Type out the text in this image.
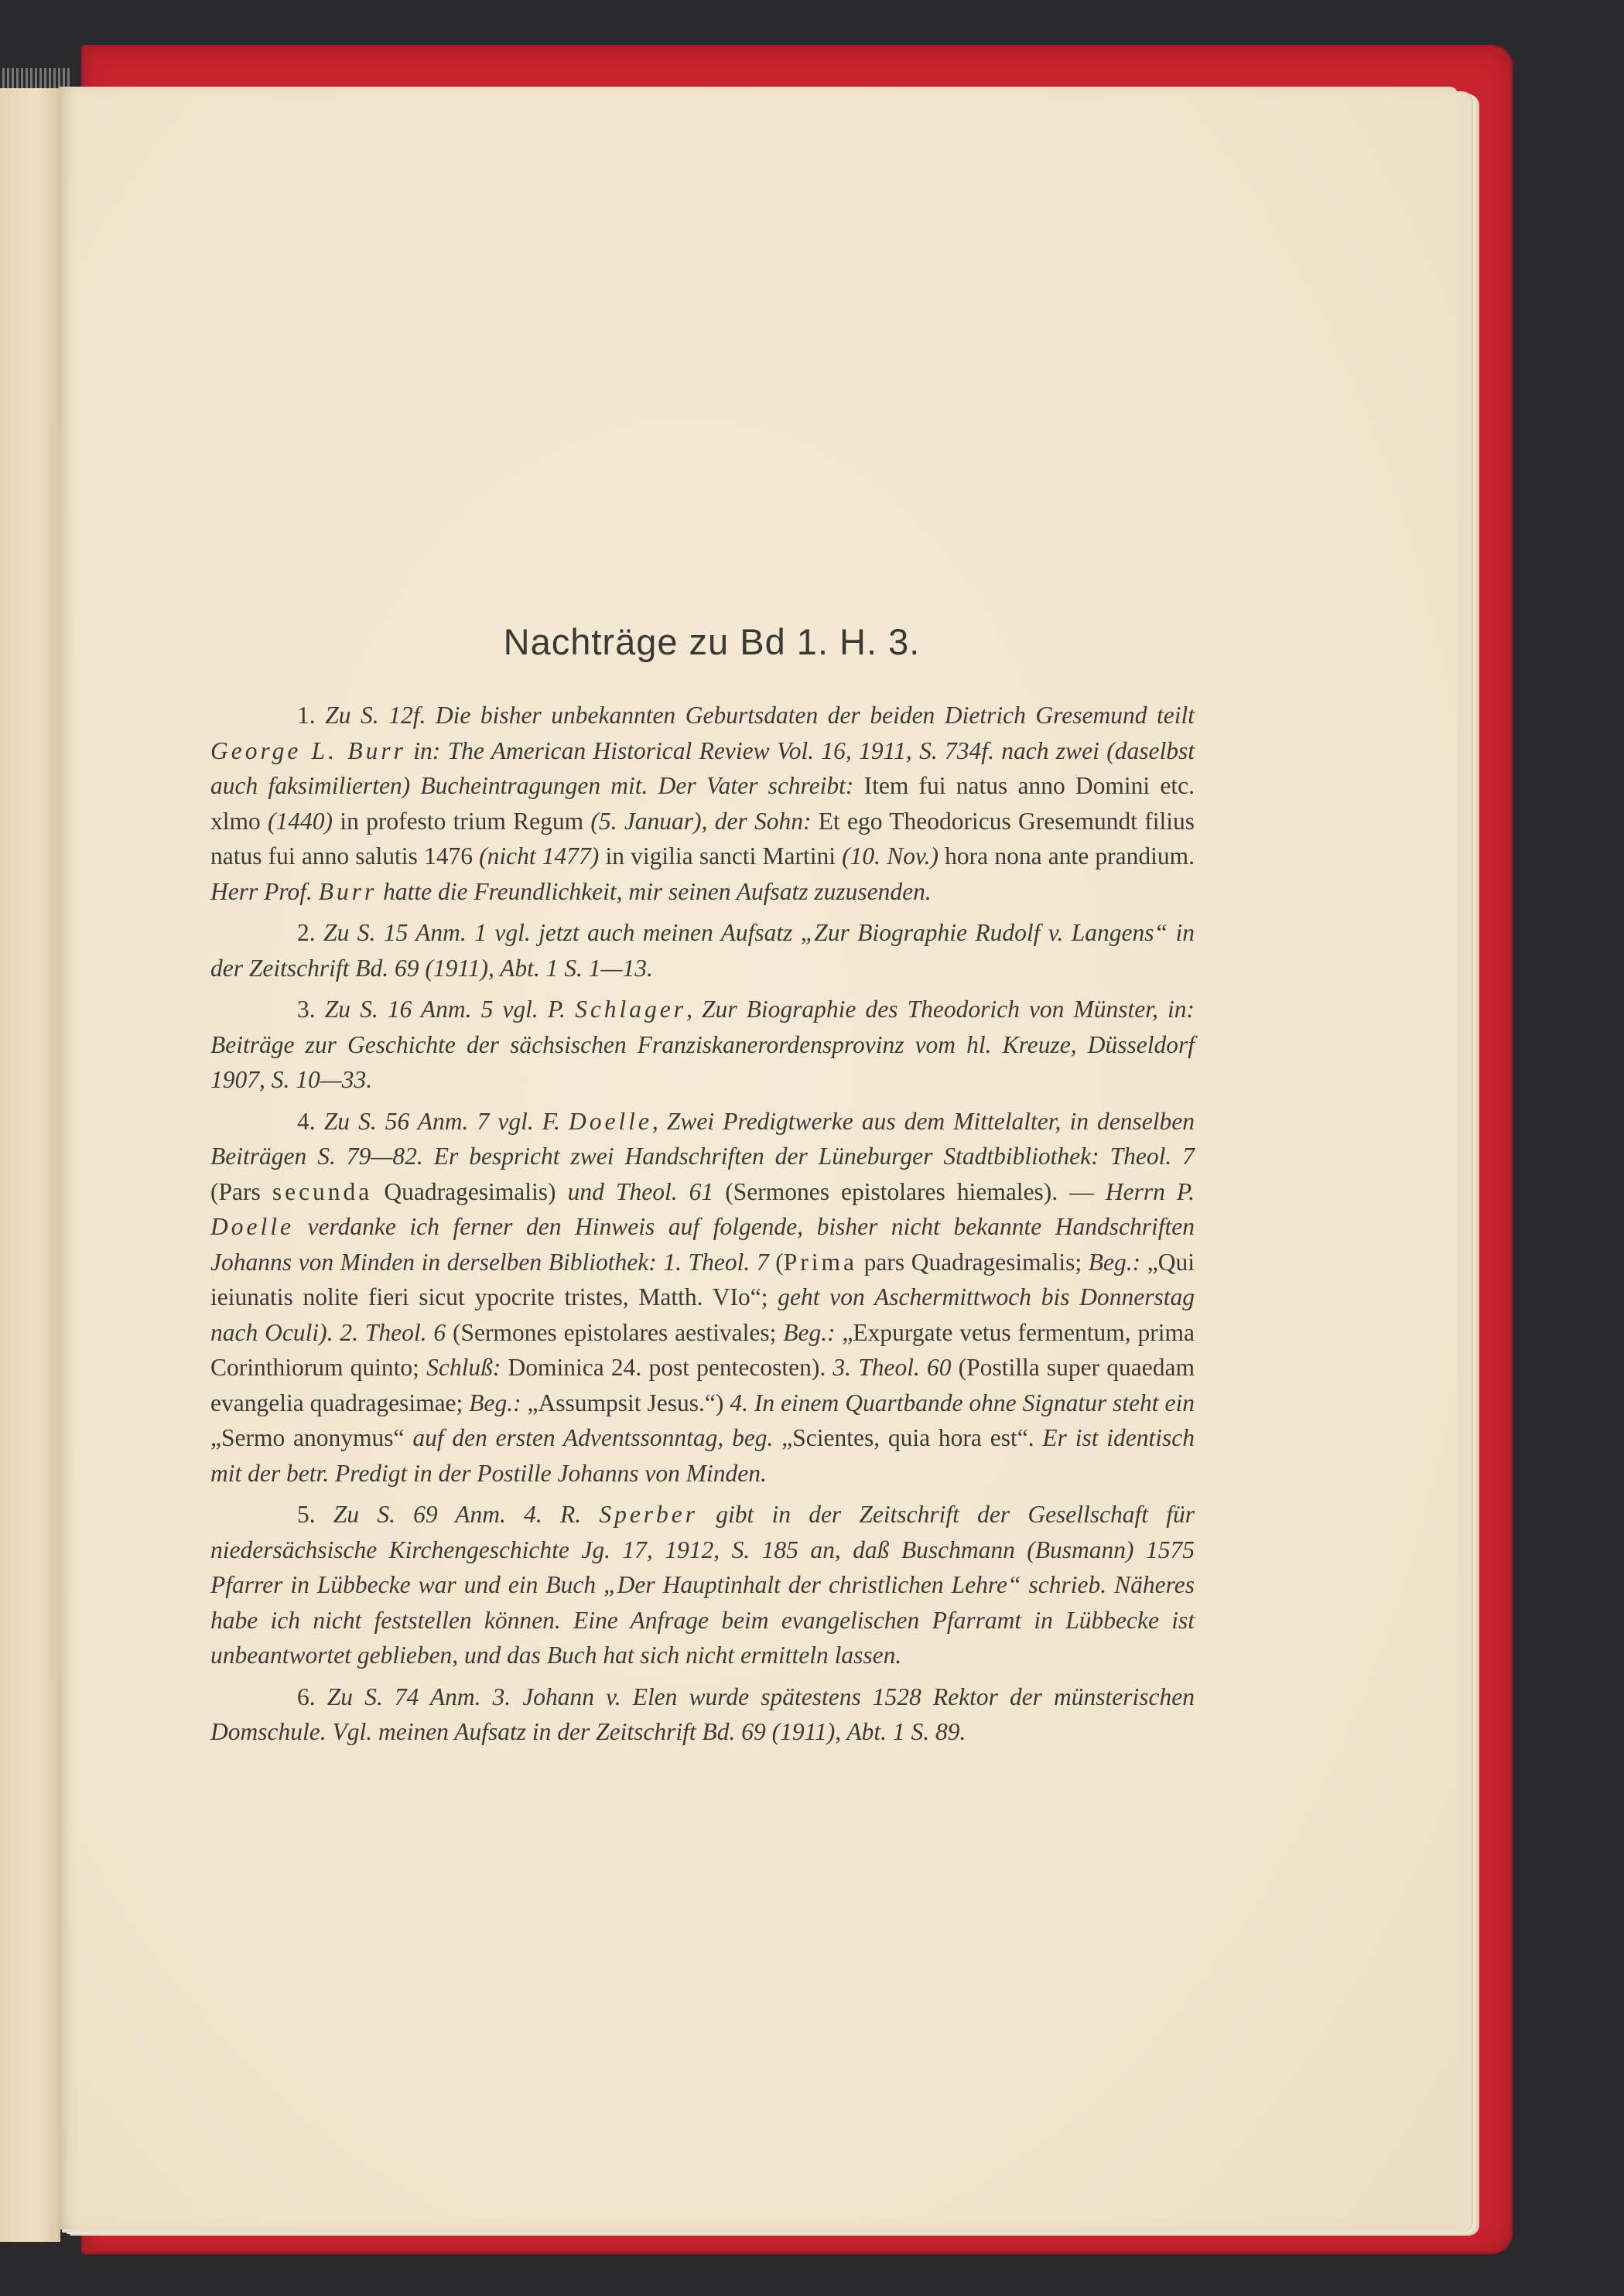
Nachträge zu Bd 1. H. 3.

1. Zu S. 12f. Die bisher unbekannten Geburtsdaten der beiden Dietrich Gresemund teilt George L. Burr in: The American Historical Review Vol. 16, 1911, S. 734f. nach zwei (daselbst auch faksimilierten) Bucheintragungen mit. Der Vater schreibt: Item fui natus anno Domini etc. xlmo (1440) in profesto trium Regum (5. Januar), der Sohn: Et ego Theodoricus Gresemundt filius natus fui anno salutis 1476 (nicht 1477) in vigilia sancti Martini (10. Nov.) hora nona ante prandium. Herr Prof. Burr hatte die Freundlichkeit, mir seinen Aufsatz zuzusenden.

2. Zu S. 15 Anm. 1 vgl. jetzt auch meinen Aufsatz „Zur Biographie Rudolf v. Langens“ in der Zeitschrift Bd. 69 (1911), Abt. 1 S. 1—13.

3. Zu S. 16 Anm. 5 vgl. P. Schlager, Zur Biographie des Theodorich von Münster, in: Beiträge zur Geschichte der sächsischen Franziskanerordensprovinz vom hl. Kreuze, Düsseldorf 1907, S. 10—33.

4. Zu S. 56 Anm. 7 vgl. F. Doelle, Zwei Predigtwerke aus dem Mittelalter, in denselben Beiträgen S. 79—82. Er bespricht zwei Handschriften der Lüneburger Stadtbibliothek: Theol. 7 (Pars secunda Quadragesimalis) und Theol. 61 (Sermones epistolares hiemales). — Herrn P. Doelle verdanke ich ferner den Hinweis auf folgende, bisher nicht bekannte Handschriften Johanns von Minden in derselben Bibliothek: 1. Theol. 7 (Prima pars Quadragesimalis; Beg.: „Qui ieiunatis nolite fieri sicut ypocrite tristes, Matth. VIo“; geht von Aschermittwoch bis Donnerstag nach Oculi). 2. Theol. 6 (Sermones epistolares aestivales; Beg.: „Expurgate vetus fermentum, prima Corinthiorum quinto; Schluß: Dominica 24. post pentecosten). 3. Theol. 60 (Postilla super quaedam evangelia quadragesimae; Beg.: „Assumpsit Jesus.“) 4. In einem Quartbande ohne Signatur steht ein „Sermo anonymus“ auf den ersten Adventssonntag, beg. „Scientes, quia hora est“. Er ist identisch mit der betr. Predigt in der Postille Johanns von Minden.

5. Zu S. 69 Anm. 4. R. Sperber gibt in der Zeitschrift der Gesellschaft für niedersächsische Kirchengeschichte Jg. 17, 1912, S. 185 an, daß Buschmann (Busmann) 1575 Pfarrer in Lübbecke war und ein Buch „Der Hauptinhalt der christlichen Lehre“ schrieb. Näheres habe ich nicht feststellen können. Eine Anfrage beim evangelischen Pfarramt in Lübbecke ist unbeantwortet geblieben, und das Buch hat sich nicht ermitteln lassen.

6. Zu S. 74 Anm. 3. Johann v. Elen wurde spätestens 1528 Rektor der münsterischen Domschule. Vgl. meinen Aufsatz in der Zeitschrift Bd. 69 (1911), Abt. 1 S. 89.
